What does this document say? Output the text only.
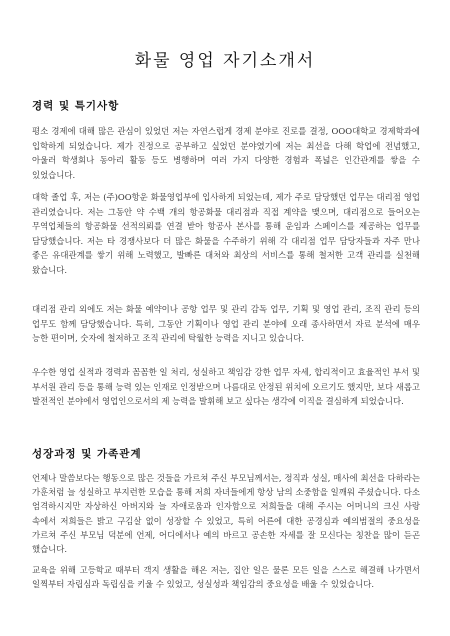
화물 영업 자기소개서
경력 및 특기사항

평소 경제에 대해 많은 관심이 있었던 저는 자연스럽게 경제 분야로 진로를 결정, OOO대학교 경제학과에 입학하게 되었습니다. 제가 진정으로 공부하고 싶었던 분야였기에 저는 최선을 다해 학업에 전념했고, 아울러 학생회나 동아리 활동 등도 병행하며 여러 가지 다양한 경험과 폭넓은 인간관계를 쌓을 수 있었습니다.

대학 졸업 후, 저는 (주)OO항운 화물영업부에 입사하게 되었는데, 제가 주로 담당했던 업무는 대리점 영업 관리였습니다. 저는 그동안 약 수백 개의 항공화물 대리점과 직접 계약을 맺으며, 대리점으로 들어오는 무역업체들의 항공화물 선적의뢰를 연결 받아 항공사 본사를 통해 운임과 스페이스를 제공하는 업무를 담당했습니다. 저는 타 경쟁사보다 더 많은 화물을 수주하기 위해 각 대리점 업무 담당자들과 자주 만나 좋은 유대관계를 쌓기 위해 노력했고, 발빠른 대처와 최상의 서비스를 통해 철저한 고객 관리를 실천해 왔습니다.

대리점 관리 외에도 저는 화물 예약이나 공항 업무 및 관리 감독 업무, 기획 및 영업 관리, 조직 관리 등의 업무도 함께 담당했습니다. 특히, 그동안 기획이나 영업 관리 분야에 오래 종사하면서 자료 분석에 매우 능한 편이며, 숫자에 철저하고 조직 관리에 탁월한 능력을 지니고 있습니다.

우수한 영업 실적과 경력과 꼼꼼한 일 처리, 성실하고 책임감 강한 업무 자세, 합리적이고 효율적인 부서 및 부서원 관리 등을 통해 능력 있는 인재로 인정받으며 나름대로 안정된 위치에 오르기도 했지만, 보다 새롭고 발전적인 분야에서 영업인으로서의 제 능력을 발휘해 보고 싶다는 생각에 이직을 결심하게 되었습니다.

성장과정 및 가족관계

언제나 말씀보다는 행동으로 많은 것들을 가르쳐 주신 부모님께서는, 정직과 성실, 매사에 최선을 다하라는 가훈처럼 늘 성실하고 부지런한 모습을 통해 저희 자녀들에게 항상 남의 소중함을 일깨워 주셨습니다. 다소 엄격하시지만 자상하신 아버지와 늘 자애로움과 인자함으로 저희들을 대해 주시는 어머니의 크신 사랑 속에서 저희들은 밝고 구김살 없이 성장할 수 있었고, 특히 어른에 대한 공경심과 예의범절의 중요성을 가르쳐 주신 부모님 덕분에 언제, 어디에서나 예의 바르고 공손한 자세를 잘 모신다는 칭찬을 많이 듣곤 했습니다.

교육을 위해 고등학교 때부터 객지 생활을 해온 저는, 집안 일은 물론 모든 일을 스스로 해결해 나가면서 일찍부터 자립심과 독립심을 키울 수 있었고, 성실성과 책임감의 중요성을 배울 수 있었습니다.
